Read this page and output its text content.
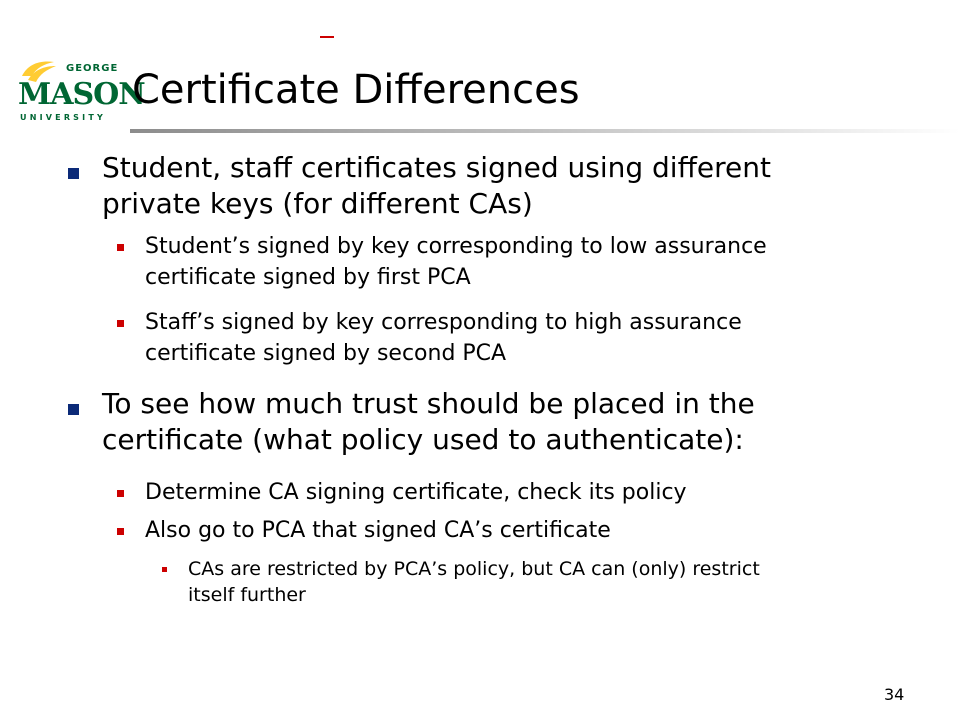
GEORGE
MASON
UNIVERSITY
Certificate Differences
Student, staff certificates signed using different
private keys (for different CAs)
Student’s signed by key corresponding to low assurance
certificate signed by first PCA
Staff’s signed by key corresponding to high assurance
certificate signed by second PCA
To see how much trust should be placed in the
certificate (what policy used to authenticate):
Determine CA signing certificate, check its policy
Also go to PCA that signed CA’s certificate
CAs are restricted by PCA’s policy, but CA can (only) restrict
itself further
34
